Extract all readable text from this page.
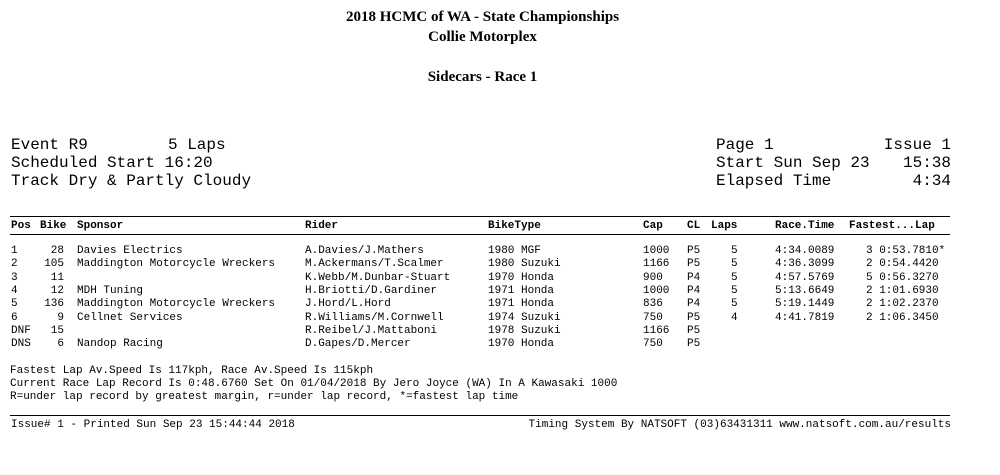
2018 HCMC of WA - State Championships
Collie Motorplex
Sidecars - Race 1
Event R9	5 Laps
Scheduled Start 16:20
Track Dry & Partly Cloudy
Page 1	Issue 1
Start Sun Sep 23 15:38
Elapsed Time	4:34
Pos Bike Sponsor	Rider	BikeType	Cap CL Laps	Race.Time Fastest...Lap
1	28 Davies Electrics	A.Davies/J.Mathers	1980 MGF	1000 P5	5	4:34.0089	3 0:53.7810*
2 105 Maddington Motorcycle Wreckers	M.Ackermans/T.Scalmer	1980 Suzuki	1166 P5	5	4:36.3099	2 0:54.4420
3	11	K.Webb/M.Dunbar-Stuart	1970 Honda	900 P4	5	4:57.5769	5 0:56.3270
4	12 MDH Tuning	H.Briotti/D.Gardiner	1971 Honda	1000 P4	5	5:13.6649	2 1:01.6930
5 136 Maddington Motorcycle Wreckers	J.Hord/L.Hord	1971 Honda	836 P4	5	5:19.1449	2 1:02.2370
6	9 Cellnet Services	R.Williams/M.Cornwell	1974 Suzuki	750 P5	4	4:41.7819	2 1:06.3450
DNF 15	R.Reibel/J.Mattaboni	1978 Suzuki	1166 P5
DNS 6 Nandop Racing	D.Gapes/D.Mercer	1970 Honda	750 P5
Fastest Lap Av.Speed Is 117kph, Race Av.Speed Is 115kph
Current Race Lap Record Is 0:48.6760 Set On 01/04/2018 By Jero Joyce (WA) In A Kawasaki 1000
R=under lap record by greatest margin, r=under lap record, *=fastest lap time
Issue# 1 - Printed Sun Sep 23 15:44:44 2018	Timing System By NATSOFT (03)63431311 www.natsoft.com.au/results
